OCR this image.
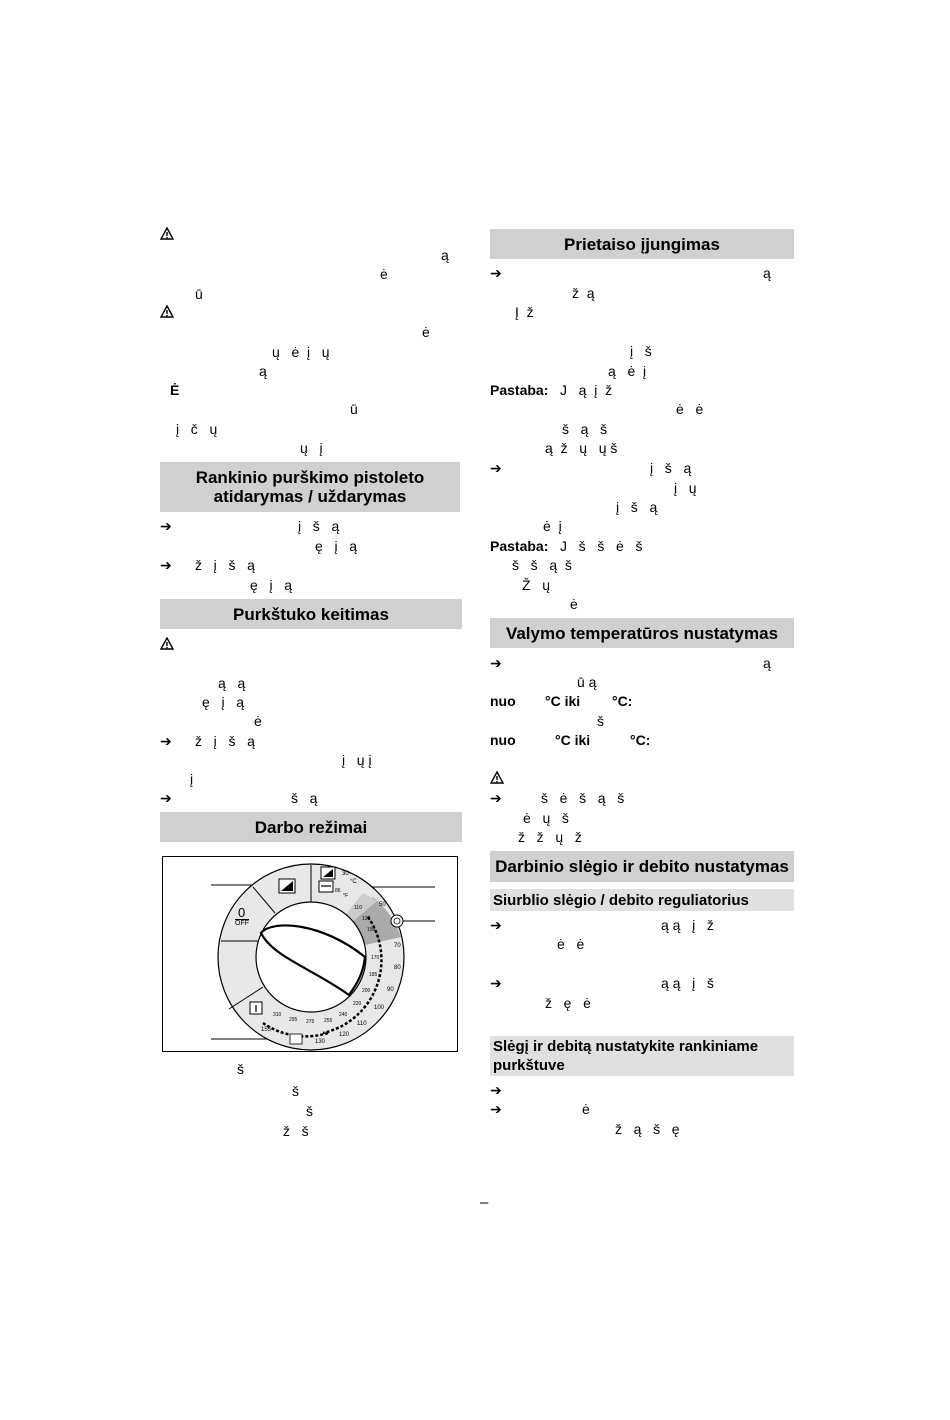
ą
ė
ū
ė
ų   ė  į   ų
ą
Ė
ū
į   č   ų
ų   į
Rankinio purškimo pistoleto
atidarymas / uždarymas
➔	į   š   ą
ę   į   ą
➔ ž   į   š   ą
ę   į   ą
Purkštuko keitimas
ą   ą
ę   į   ą
ė
➔ ž   į   š   ą
į   ų į
į
➔	š   ą
Darbo režimai
0
$\overline{OFF}$
30
°C
°F
86
110
130
150
50
70
80
90
100
110
120
130
310
295 275 255
240
220
200
185
170
155
š
š
š
ž   š
Prietaiso įjungimas
➔	ą
ž  ą
Į  ž
į   š
ą   ė  į
Pastaba: J   ą  į  ž
ė   ė
š   ą   š
ą  ž   ų   ų š
➔	į   š   ą
į   ų
į   š   ą
ė  į
Pastaba: J   š   š   ė   š
š   š   ą  š
Ž   ų
ė
Valymo temperatūros nustatymas
➔	ą
ū ą
nuo °C iki °C:
š
nuo	°C iki	°C:
➔	š   ė   š   ą   š
ė   ų   š
ž   ž   ų   ž
Darbinio slėgio ir debito nustatymas
Siurblio slėgio / debito reguliatorius
➔	ą ą   į   ž
ė   ė
➔	ą ą   į   š
ž   ę   ė
Slėgį ir debitą nustatykite rankiniame
purkštuve
➔
➔	ė
ž   ą   š   ę
–
